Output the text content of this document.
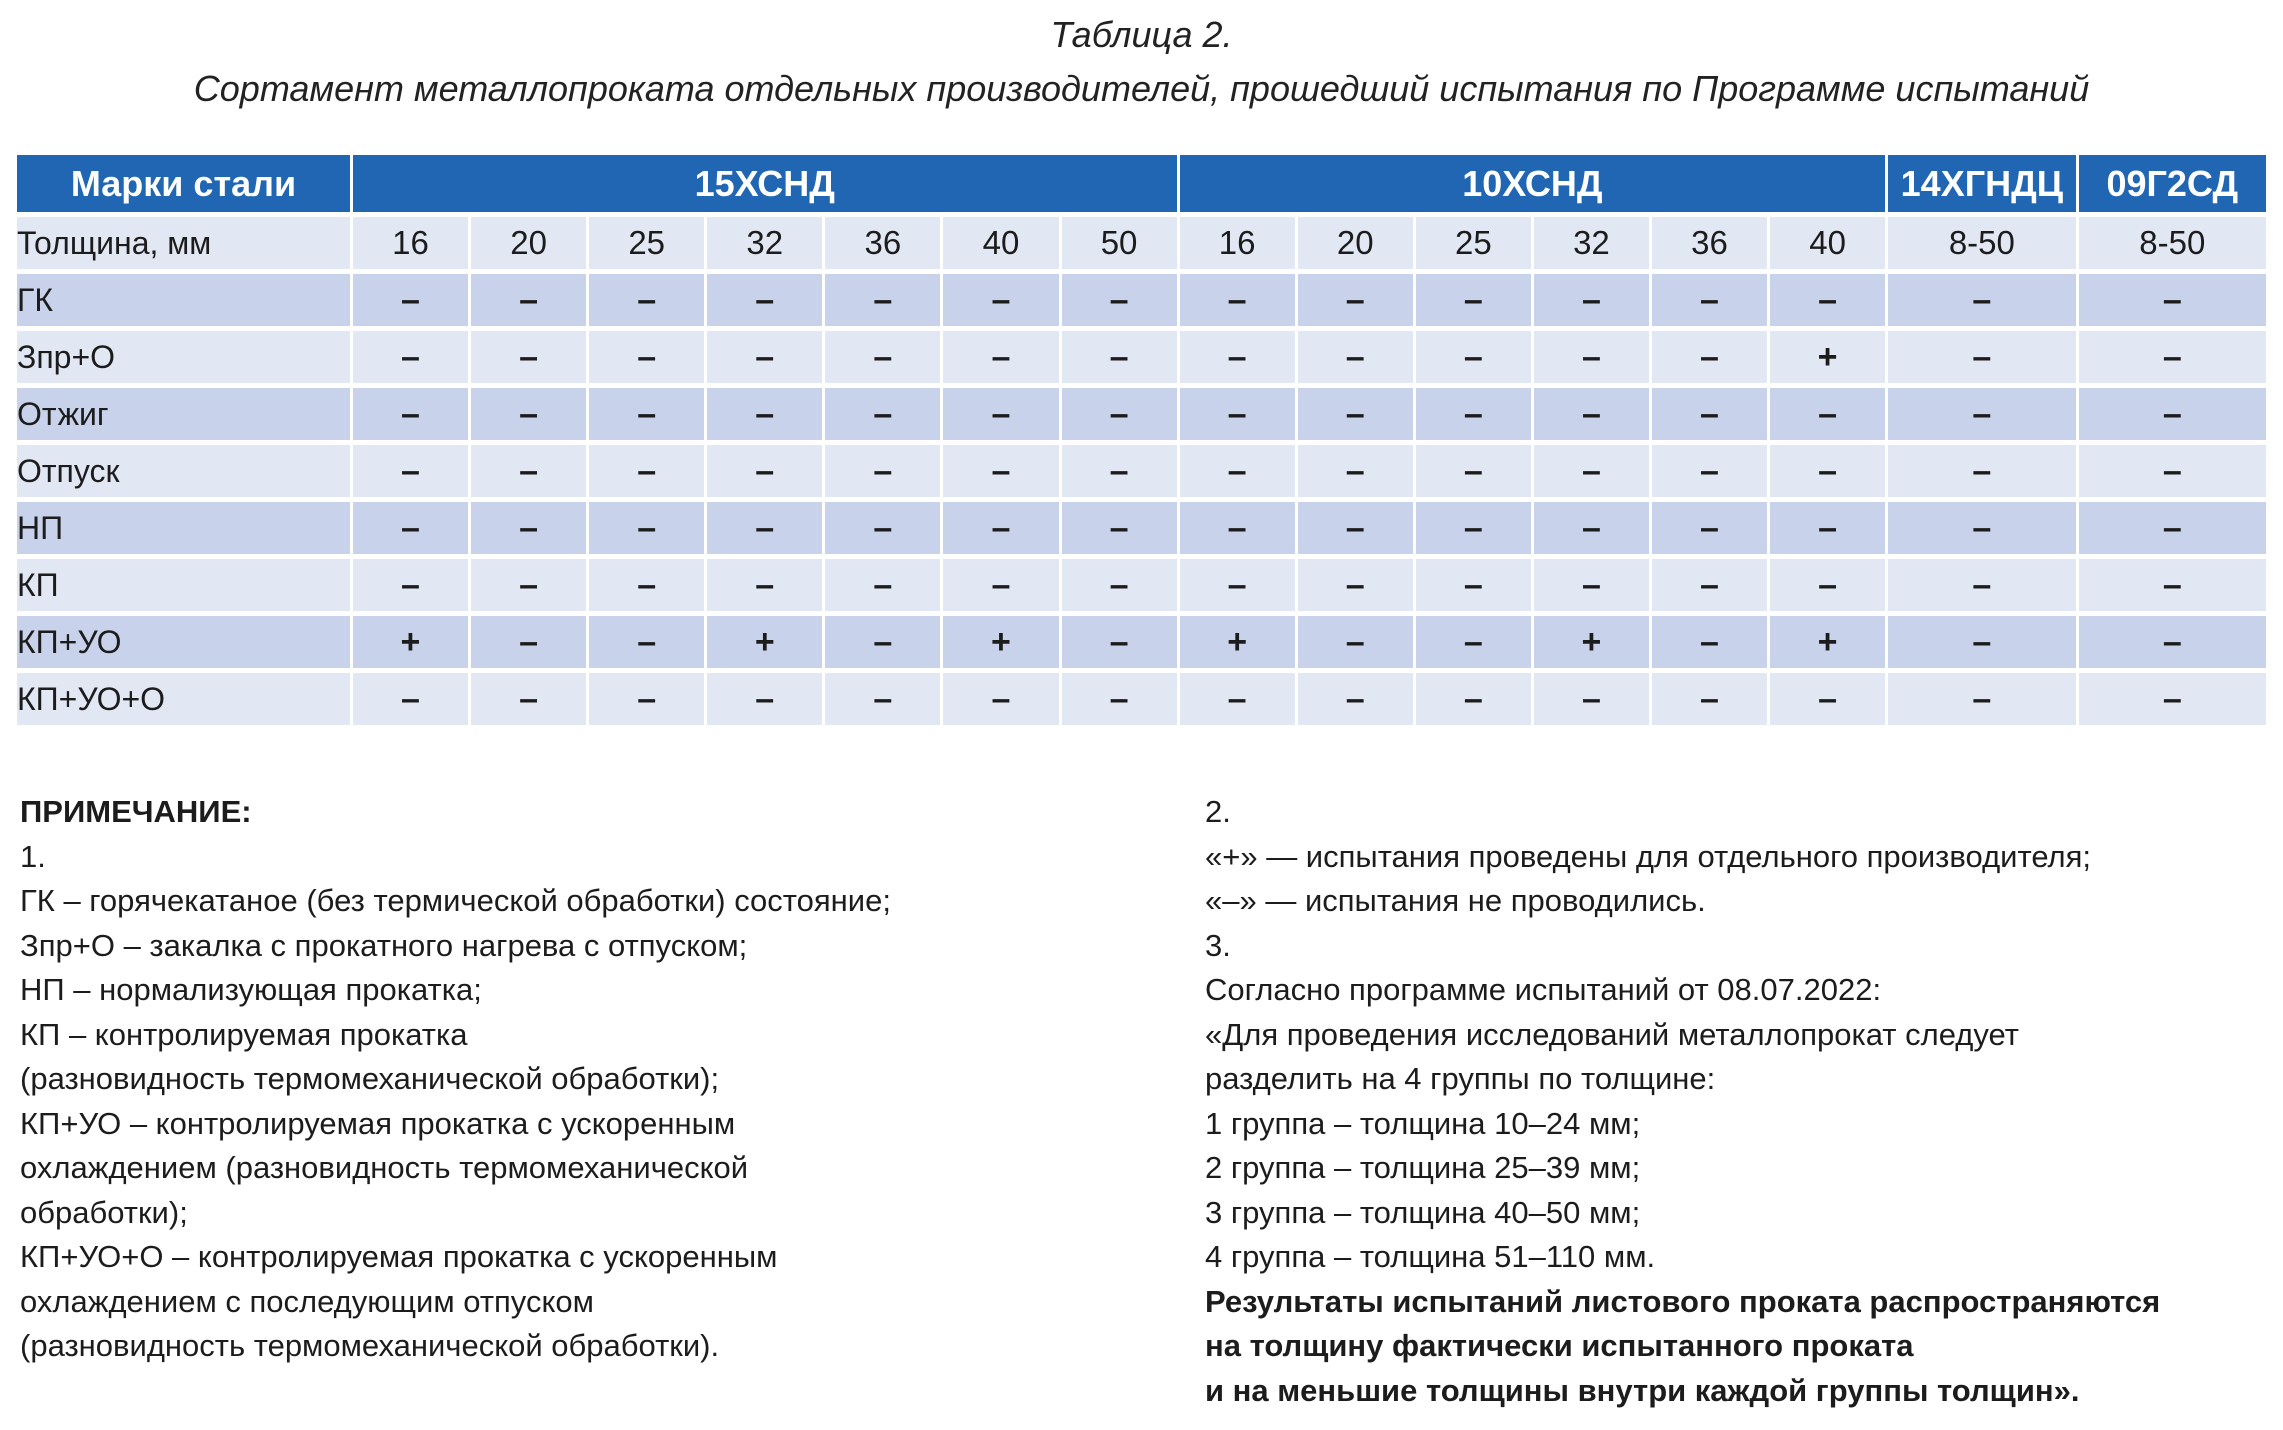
Таблица 2.
Сортамент металлопроката отдельных производителей, прошедший испытания по Программе испытаний
Марки стали	15ХСНД							10ХСНД						14ХГНДЦ	09Г2СД
Толщина, мм	16	20	25	32	36	40	50	16	20	25	32	36	40	8-50	8-50
ГК	–	–	–	–	–	–	–	–	–	–	–	–	–	–	–
Зпр+О	–	–	–	–	–	–	–	–	–	–	–	–	+	–	–
Отжиг	–	–	–	–	–	–	–	–	–	–	–	–	–	–	–
Отпуск	–	–	–	–	–	–	–	–	–	–	–	–	–	–	–
НП	–	–	–	–	–	–	–	–	–	–	–	–	–	–	–
КП	–	–	–	–	–	–	–	–	–	–	–	–	–	–	–
КП+УО	+	–	–	+	–	+	–	+	–	–	+	–	+	–	–
КП+УО+О	–	–	–	–	–	–	–	–	–	–	–	–	–	–	–
ПРИМЕЧАНИЕ:
1.
ГК – горячекатаное (без термической обработки) состояние;
Зпр+О – закалка с прокатного нагрева с отпуском;
НП – нормализующая прокатка;
КП – контролируемая прокатка
(разновидность термомеханической обработки);
КП+УО – контролируемая прокатка с ускоренным
охлаждением (разновидность термомеханической
обработки);
КП+УО+О – контролируемая прокатка с ускоренным
охлаждением с последующим отпуском
(разновидность термомеханической обработки).
2.
«+» — испытания проведены для отдельного производителя;
«–» — испытания не проводились.
3.
Согласно программе испытаний от 08.07.2022:
«Для проведения исследований металлопрокат следует
разделить на 4 группы по толщине:
1 группа – толщина 10–24 мм;
2 группа – толщина 25–39 мм;
3 группа – толщина 40–50 мм;
4 группа – толщина 51–110 мм.
Результаты испытаний листового проката распространяются
на толщину фактически испытанного проката
и на меньшие толщины внутри каждой группы толщин».
